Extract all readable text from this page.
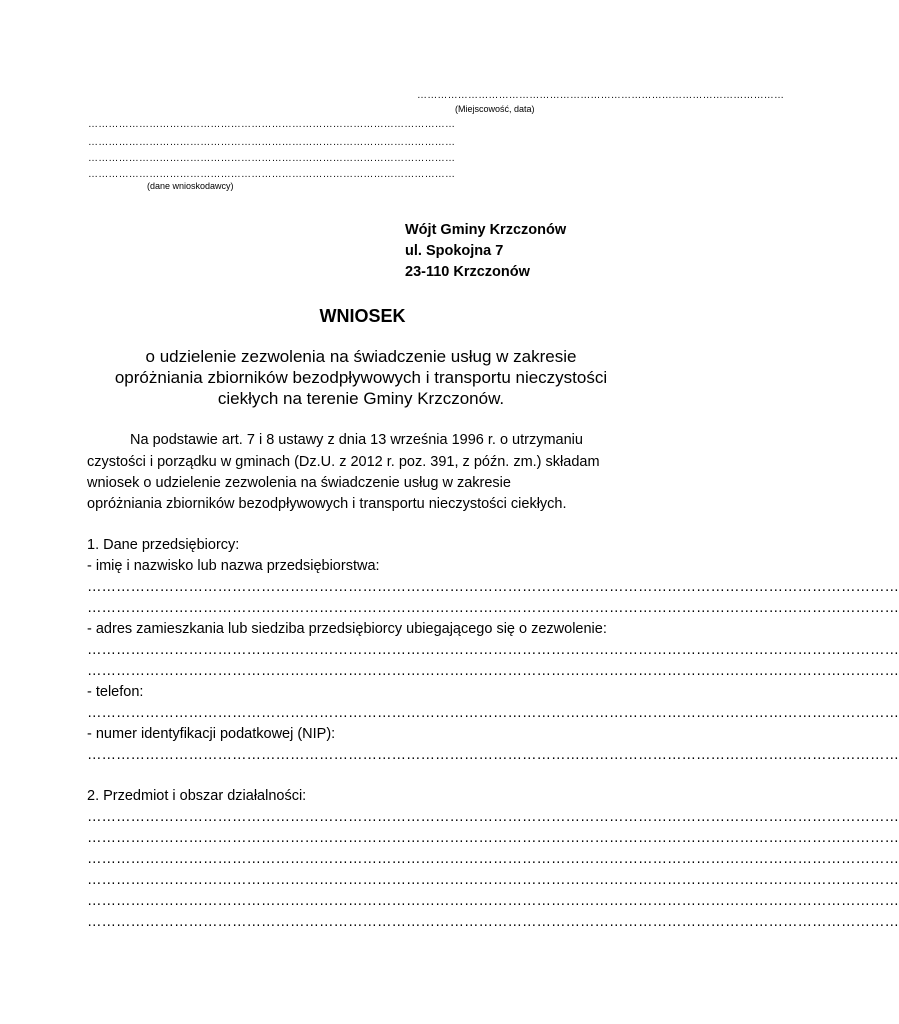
………………………………………………………………………………………………
(Miejscowość, data)
………………………………………………………………………………………………
………………………………………………………………………………………………
………………………………………………………………………………………………
………………………………………………………………………………………………
(dane wnioskodawcy)
Wójt Gminy Krzczonów
ul. Spokojna 7
23-110 Krzczonów
WNIOSEK
o udzielenie zezwolenia na świadczenie usług w zakresie
opróżniania zbiorników bezodpływowych i transportu nieczystości
ciekłych na terenie Gminy Krzczonów.
Na podstawie art. 7 i 8 ustawy z dnia 13 września 1996 r. o utrzymaniu
czystości i porządku w gminach (Dz.U. z 2012 r. poz. 391, z późn. zm.) składam
wniosek o udzielenie zezwolenia na świadczenie usług w zakresie
opróżniania zbiorników bezodpływowych i transportu nieczystości ciekłych.
1. Dane przedsiębiorcy:
- imię i nazwisko lub nazwa przedsiębiorstwa:
……………………………………………………………………………………………………………………………………………………
……………………………………………………………………………………………………………………………………………………
- adres zamieszkania lub siedziba przedsiębiorcy ubiegającego się o zezwolenie:
……………………………………………………………………………………………………………………………………………………
……………………………………………………………………………………………………………………………………………………
- telefon:
……………………………………………………………………………………………………………………………………………………
- numer identyfikacji podatkowej (NIP):
……………………………………………………………………………………………………………………………………………………
2. Przedmiot i obszar działalności:
……………………………………………………………………………………………………………………………………………………
……………………………………………………………………………………………………………………………………………………
……………………………………………………………………………………………………………………………………………………
……………………………………………………………………………………………………………………………………………………
……………………………………………………………………………………………………………………………………………………
……………………………………………………………………………………………………………………………………………………
